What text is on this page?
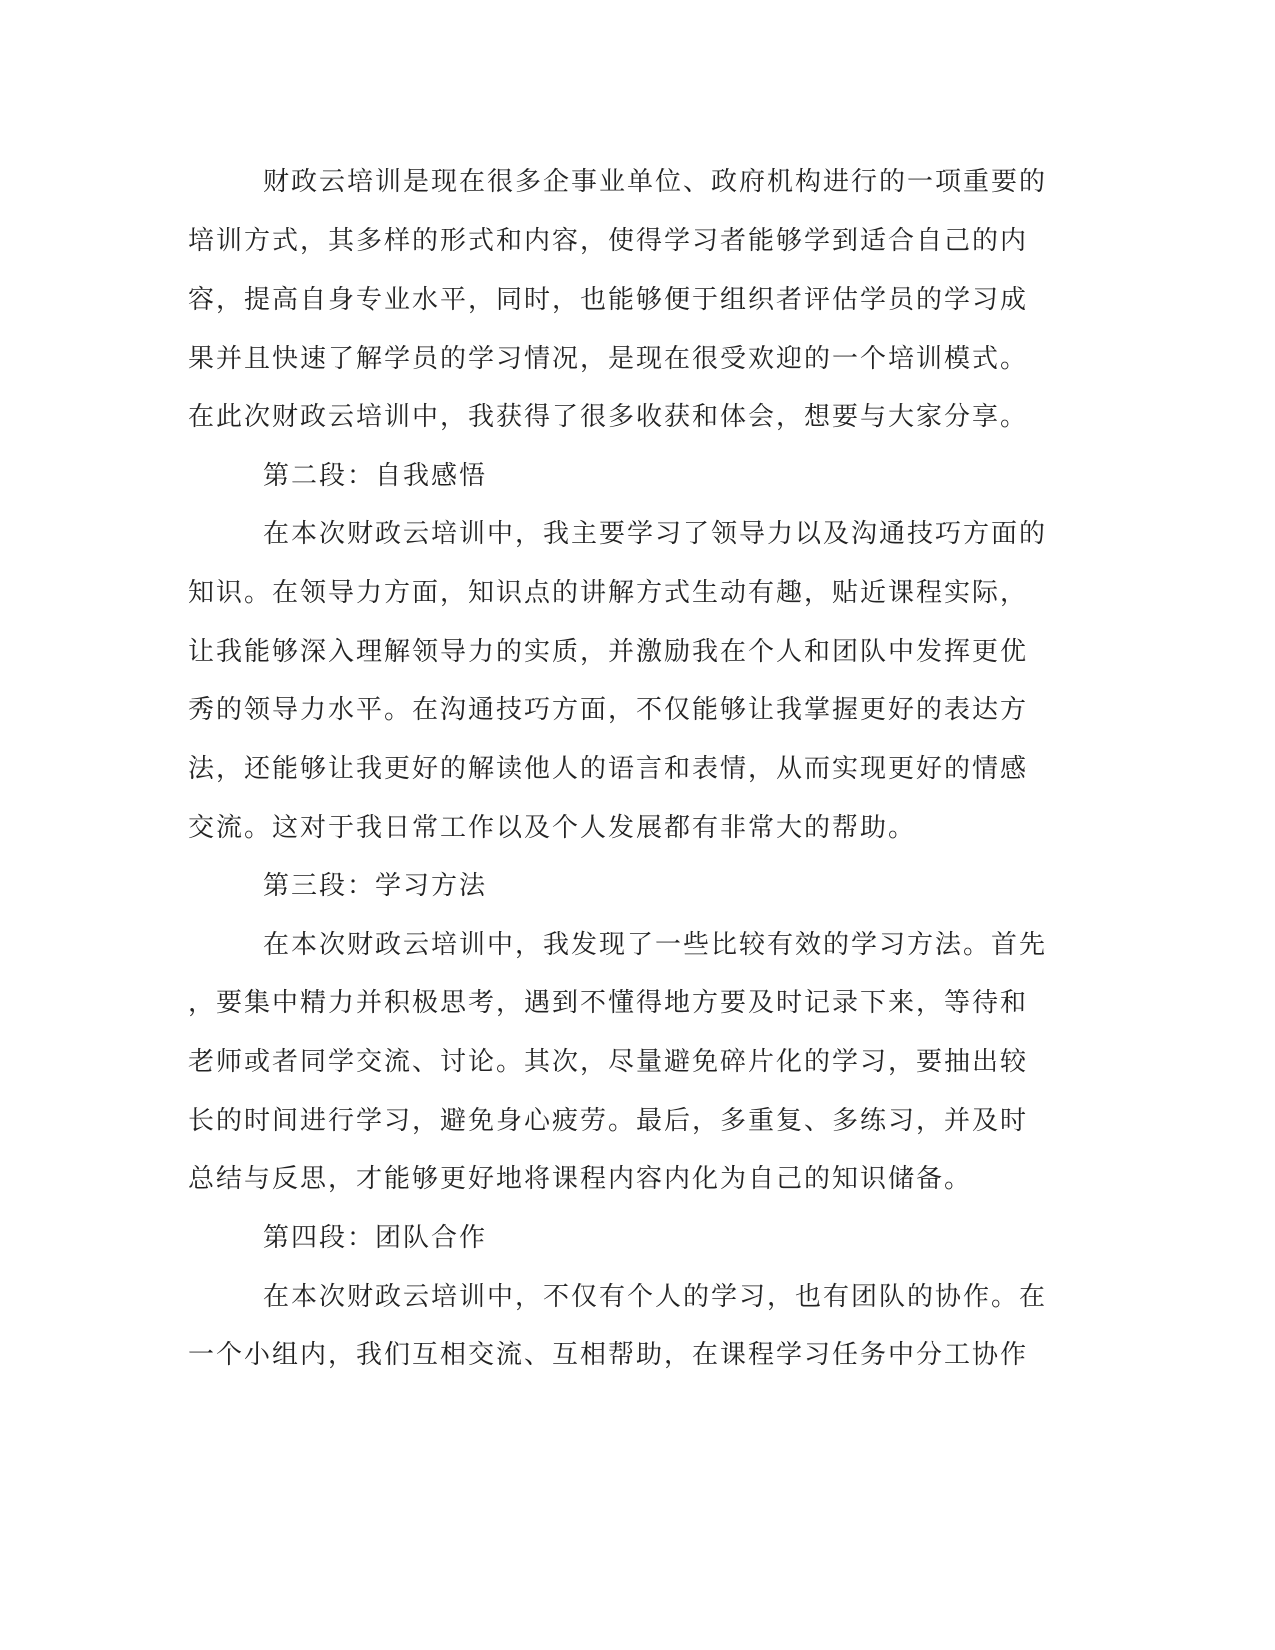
财政云培训是现在很多企事业单位、政府机构进行的一项重要的
培训方式，其多样的形式和内容，使得学习者能够学到适合自己的内
容，提高自身专业水平，同时，也能够便于组织者评估学员的学习成
果并且快速了解学员的学习情况，是现在很受欢迎的一个培训模式。
在此次财政云培训中，我获得了很多收获和体会，想要与大家分享。
第二段：自我感悟
在本次财政云培训中，我主要学习了领导力以及沟通技巧方面的
知识。在领导力方面，知识点的讲解方式生动有趣，贴近课程实际，
让我能够深入理解领导力的实质，并激励我在个人和团队中发挥更优
秀的领导力水平。在沟通技巧方面，不仅能够让我掌握更好的表达方
法，还能够让我更好的解读他人的语言和表情，从而实现更好的情感
交流。这对于我日常工作以及个人发展都有非常大的帮助。
第三段：学习方法
在本次财政云培训中，我发现了一些比较有效的学习方法。首先
，要集中精力并积极思考，遇到不懂得地方要及时记录下来，等待和
老师或者同学交流、讨论。其次，尽量避免碎片化的学习，要抽出较
长的时间进行学习，避免身心疲劳。最后，多重复、多练习，并及时
总结与反思，才能够更好地将课程内容内化为自己的知识储备。
第四段：团队合作
在本次财政云培训中，不仅有个人的学习，也有团队的协作。在
一个小组内，我们互相交流、互相帮助，在课程学习任务中分工协作
